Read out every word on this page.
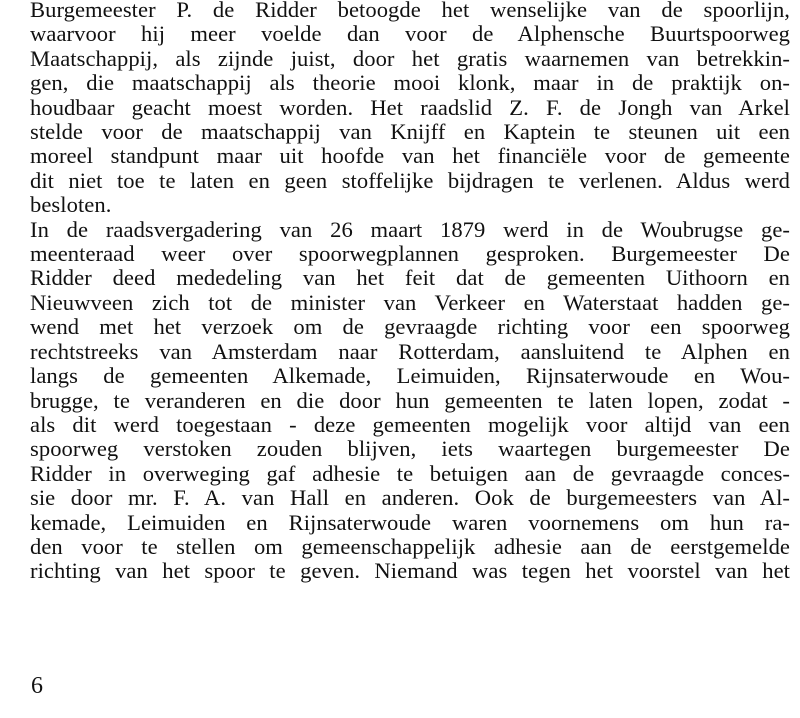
Burgemeester P. de Ridder betoogde het wenselijke van de spoorlijn,
waarvoor hij meer voelde dan voor de Alphensche Buurtspoorweg
Maatschappij, als zijnde juist, door het gratis waarnemen van betrekkin-
gen, die maatschappij als theorie mooi klonk, maar in de praktijk on-
houdbaar geacht moest worden. Het raadslid Z. F. de Jongh van Arkel
stelde voor de maatschappij van Knijff en Kaptein te steunen uit een
moreel standpunt maar uit hoofde van het financiële voor de gemeente
dit niet toe te laten en geen stoffelijke bijdragen te verlenen. Aldus werd
besloten.
In de raadsvergadering van 26 maart 1879 werd in de Woubrugse ge-
meenteraad weer over spoorwegplannen gesproken. Burgemeester De
Ridder deed mededeling van het feit dat de gemeenten Uithoorn en
Nieuwveen zich tot de minister van Verkeer en Waterstaat hadden ge-
wend met het verzoek om de gevraagde richting voor een spoorweg
rechtstreeks van Amsterdam naar Rotterdam, aansluitend te Alphen en
langs de gemeenten Alkemade, Leimuiden, Rijnsaterwoude en Wou-
brugge, te veranderen en die door hun gemeenten te laten lopen, zodat -
als dit werd toegestaan - deze gemeenten mogelijk voor altijd van een
spoorweg verstoken zouden blijven, iets waartegen burgemeester De
Ridder in overweging gaf adhesie te betuigen aan de gevraagde conces-
sie door mr. F. A. van Hall en anderen. Ook de burgemeesters van Al-
kemade, Leimuiden en Rijnsaterwoude waren voornemens om hun ra-
den voor te stellen om gemeenschappelijk adhesie aan de eerstgemelde
richting van het spoor te geven. Niemand was tegen het voorstel van het
6
